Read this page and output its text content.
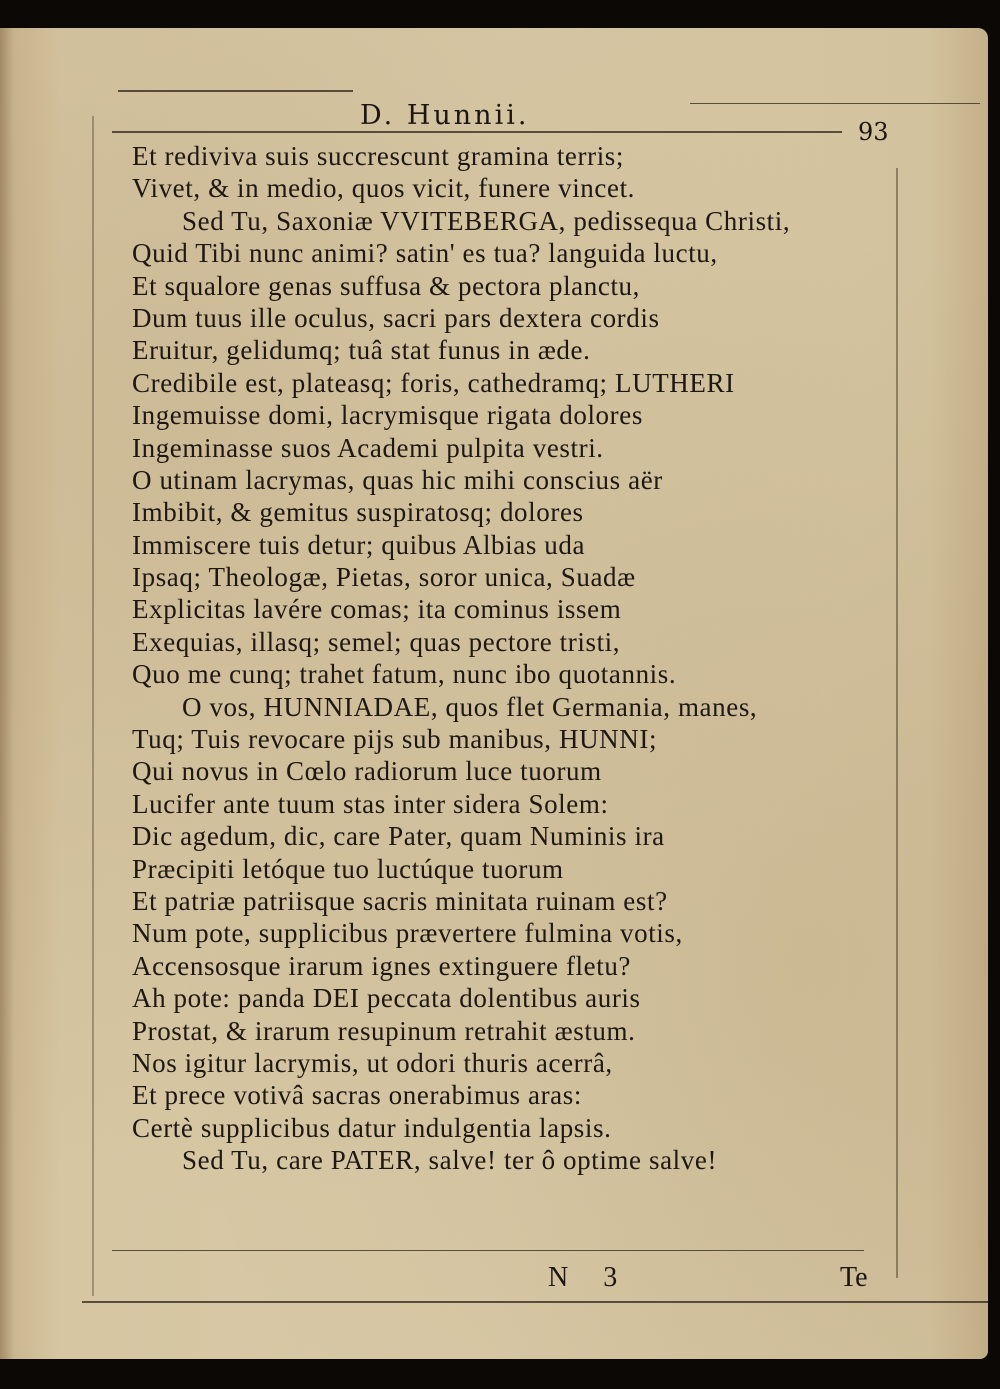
D. Hunnii.
93
Et rediviva suis succrescunt gramina terris;
Vivet, & in medio, quos vicit, funere vincet.
Sed Tu, Saxoniæ VVITEBERGA, pedissequa Christi,
Quid Tibi nunc animi? satin' es tua? languida luctu,
Et squalore genas suffusa & pectora planctu,
Dum tuus ille oculus, sacri pars dextera cordis
Eruitur, gelidumq; tuâ stat funus in æde.
Credibile est, plateasq; foris, cathedramq; LUTHERI
Ingemuisse domi, lacrymisque rigata dolores
Ingeminasse suos Academi pulpita vestri.
O utinam lacrymas, quas hic mihi conscius aër
Imbibit, & gemitus suspiratosq; dolores
Immiscere tuis detur; quibus Albias uda
Ipsaq; Theologæ, Pietas, soror unica, Suadæ
Explicitas lavére comas; ita cominus issem
Exequias, illasq; semel; quas pectore tristi,
Quo me cunq; trahet fatum, nunc ibo quotannis.
O vos, HUNNIADAE, quos flet Germania, manes,
Tuq; Tuis revocare pijs sub manibus, HUNNI;
Qui novus in Cœlo radiorum luce tuorum
Lucifer ante tuum stas inter sidera Solem:
Dic agedum, dic, care Pater, quam Numinis ira
Præcipiti letóque tuo luctúque tuorum
Et patriæ patriisque sacris minitata ruinam est?
Num pote, supplicibus prævertere fulmina votis,
Accensosque irarum ignes extinguere fletu?
Ah pote: panda DEI peccata dolentibus auris
Prostat, & irarum resupinum retrahit æstum.
Nos igitur lacrymis, ut odori thuris acerrâ,
Et prece votivâ sacras onerabimus aras:
Certè supplicibus datur indulgentia lapsis.
Sed Tu, care PATER, salve! ter ô optime salve!
N 3	Te
